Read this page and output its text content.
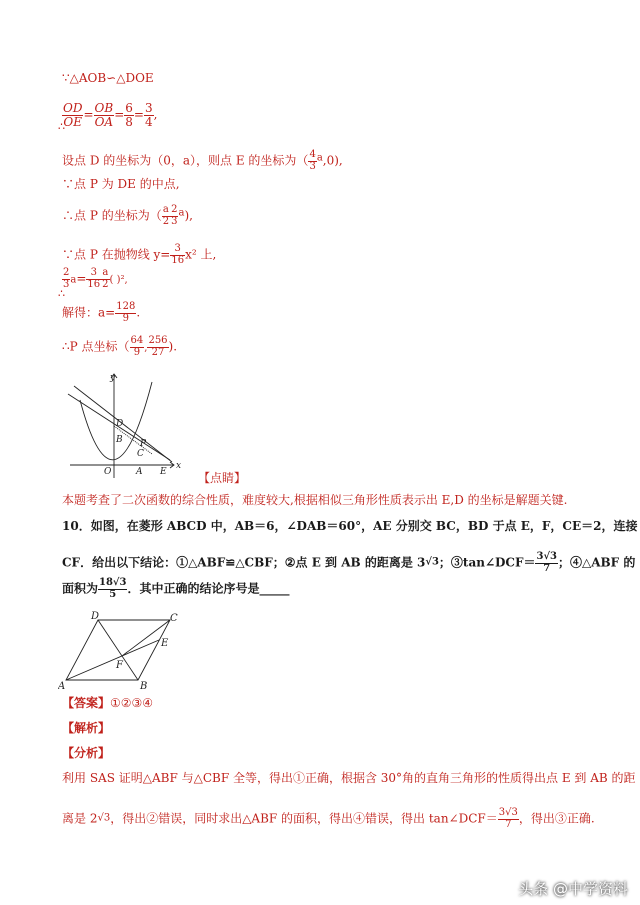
∵△AOB∽△DOE
$\frac{OD}{OE} = \frac{OB}{OA} = \frac{6}{8} = \frac{3}{4}$ ,
∴
设点 D 的坐标为（0，a），则点 E 的坐标为（ $\frac{4}{3} ^a,0$),
∵点 P 为 DE 的中点,
∴点 P 的坐标为（ $\frac{a}{2} \frac{2}{3} ^a$),
∵点 P 在抛物线 $y= \frac{3}{16} x^2$ 上,
$\frac{2}{3} a= \frac{3}{16} \frac{a}{2}$ ( )²,
∴
解得：$a= \frac{128}{9}$ .
∴P 点坐标（ $\frac{64}{9}$ , $\frac{256}{27}$ ).
y
x
D
B P
C
O	A E	【点睛】
本题考查了二次函数的综合性质，难度较大,根据相似三角形性质表示出 E,D 的坐标是解题关键.
10．如图，在菱形 ABCD 中，AB＝6，∠DAB＝60°，AE 分别交 BC，BD 于点 E，F，CE＝2，连接
CF．给出以下结论：①△ABF≌△CBF；②点 E 到 AB 的距离是 3√3；③tan∠DCF＝ $\frac{3√3}{7}$ ；④△ABF 的
面积为 $\frac{18√3}{5}$ ．其中正确的结论序号是_____
D	C
E
F
A	B
【答案】①②③④
【解析】
【分析】
利用 SAS 证明△ABF 与△CBF 全等，得出①正确，根据含 30°角的直角三角形的性质得出点 E 到 AB 的距
离是 2√3，得出②错误，同时求出△ABF 的面积，得出④错误，得出 tan∠DCF＝ $\frac{3√3}{7}$ ，得出③正确.
头条 @中学资料
